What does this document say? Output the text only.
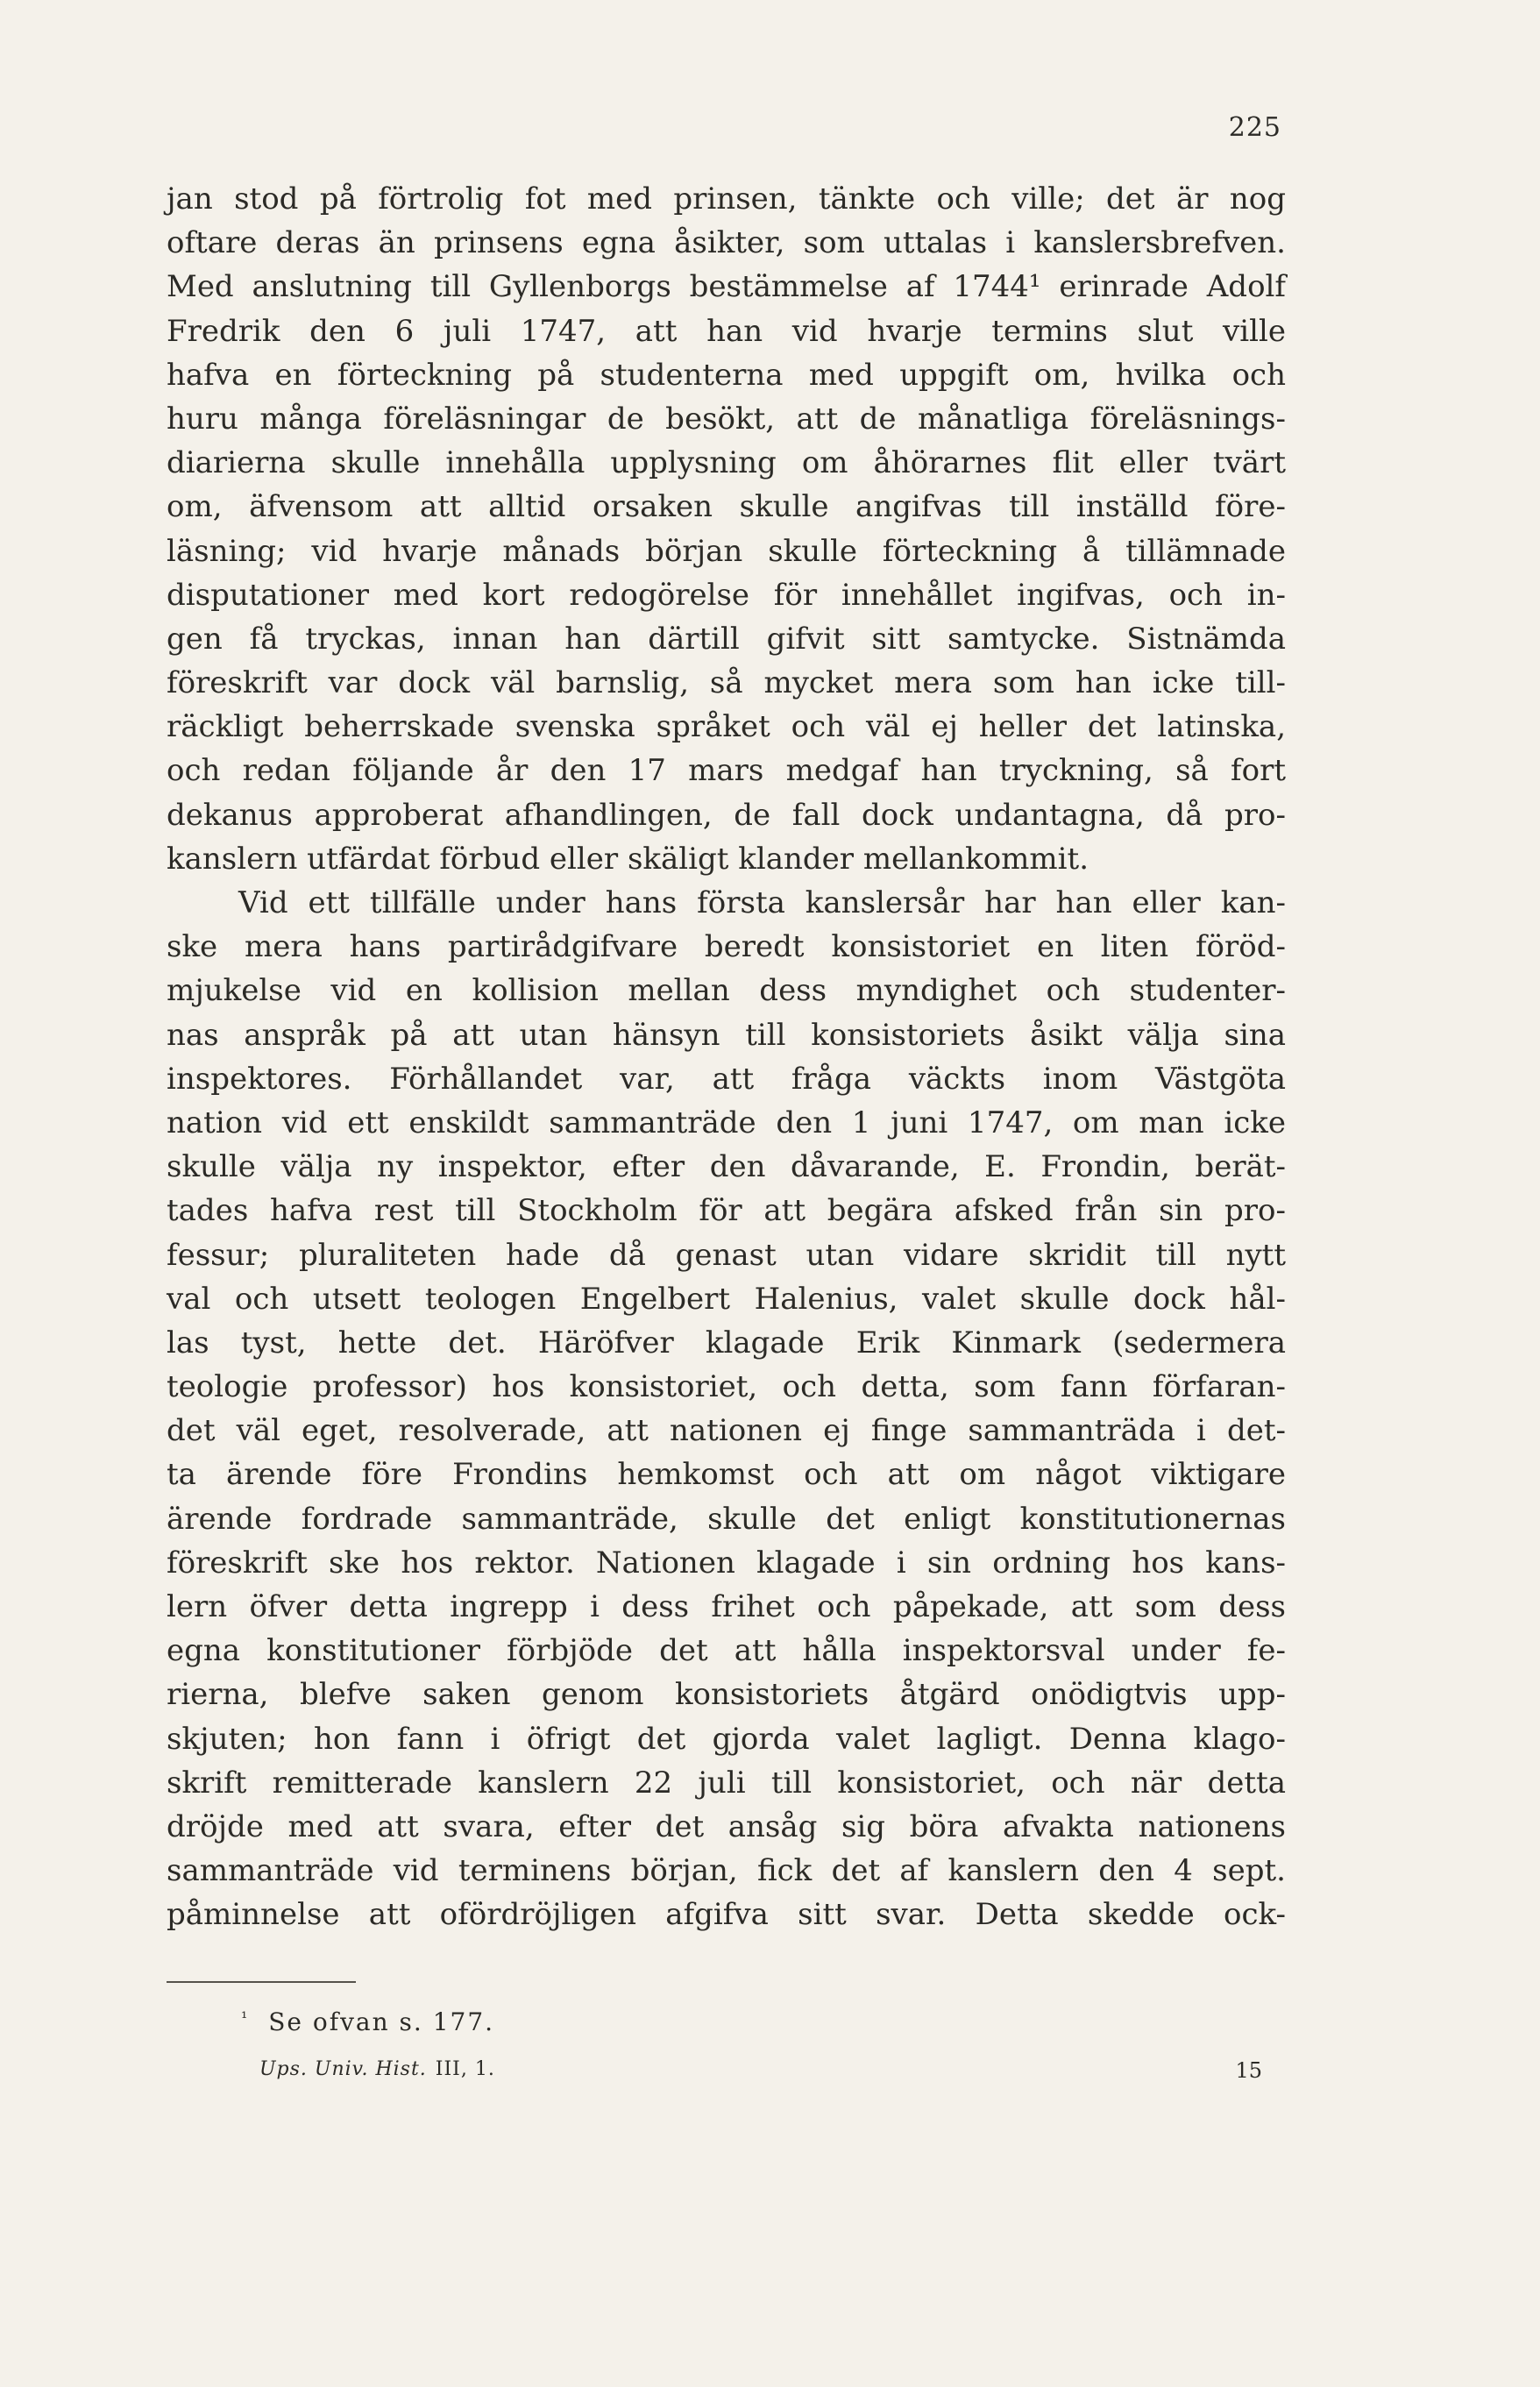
225
jan stod på förtrolig fot med prinsen, tänkte och ville; det är nog
oftare deras än prinsens egna åsikter, som uttalas i kanslersbrefven.
Med anslutning till Gyllenborgs bestämmelse af 1744¹ erinrade Adolf
Fredrik den 6 juli 1747, att han vid hvarje termins slut ville
hafva en förteckning på studenterna med uppgift om, hvilka och
huru många föreläsningar de besökt, att de månatliga föreläsnings-
diarierna skulle innehålla upplysning om åhörarnes flit eller tvärt
om, äfvensom att alltid orsaken skulle angifvas till inställd före-
läsning; vid hvarje månads början skulle förteckning å tillämnade
disputationer med kort redogörelse för innehållet ingifvas, och in-
gen få tryckas, innan han därtill gifvit sitt samtycke. Sistnämda
föreskrift var dock väl barnslig, så mycket mera som han icke till-
räckligt beherrskade svenska språket och väl ej heller det latinska,
och redan följande år den 17 mars medgaf han tryckning, så fort
dekanus approberat afhandlingen, de fall dock undantagna, då pro-
kanslern utfärdat förbud eller skäligt klander mellankommit.
Vid ett tillfälle under hans första kanslersår har han eller kan-
ske mera hans partirådgifvare beredt konsistoriet en liten föröd-
mjukelse vid en kollision mellan dess myndighet och studenter-
nas anspråk på att utan hänsyn till konsistoriets åsikt välja sina
inspektores. Förhållandet var, att fråga väckts inom Västgöta
nation vid ett enskildt sammanträde den 1 juni 1747, om man icke
skulle välja ny inspektor, efter den dåvarande, E. Frondin, berät-
tades hafva rest till Stockholm för att begära afsked från sin pro-
fessur; pluraliteten hade då genast utan vidare skridit till nytt
val och utsett teologen Engelbert Halenius, valet skulle dock hål-
las tyst, hette det. Häröfver klagade Erik Kinmark (sedermera
teologie professor) hos konsistoriet, och detta, som fann förfaran-
det väl eget, resolverade, att nationen ej finge sammanträda i det-
ta ärende före Frondins hemkomst och att om något viktigare
ärende fordrade sammanträde, skulle det enligt konstitutionernas
föreskrift ske hos rektor. Nationen klagade i sin ordning hos kans-
lern öfver detta ingrepp i dess frihet och påpekade, att som dess
egna konstitutioner förbjöde det att hålla inspektorsval under fe-
rierna, blefve saken genom konsistoriets åtgärd onödigtvis upp-
skjuten; hon fann i öfrigt det gjorda valet lagligt. Denna klago-
skrift remitterade kanslern 22 juli till konsistoriet, och när detta
dröjde med att svara, efter det ansåg sig böra afvakta nationens
sammanträde vid terminens början, fick det af kanslern den 4 sept.
påminnelse att ofördröjligen afgifva sitt svar. Detta skedde ock-
$^{^1}$ Se ofvan s. 177.
Ups. Univ. Hist. III, 1.	15
